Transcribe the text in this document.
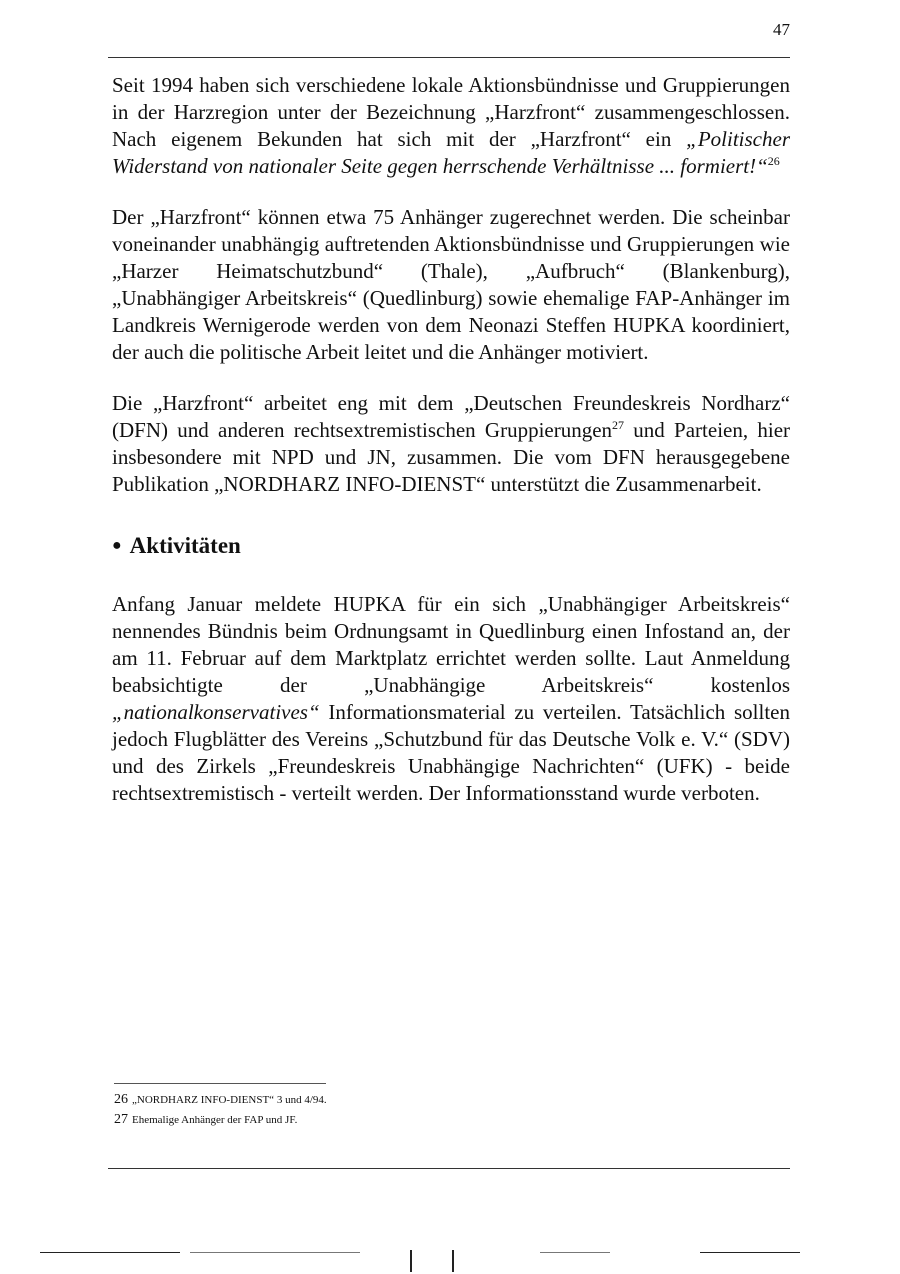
47

Seit 1994 haben sich verschiedene lokale Aktionsbündnisse und Gruppierungen in der Harzregion unter der Bezeichnung „Harzfront“ zusammengeschlossen. Nach eigenem Bekunden hat sich mit der „Harzfront“ ein „Politischer Widerstand von nationaler Seite gegen herrschende Verhältnisse ... formiert!“$^{26}$

Der „Harzfront“ können etwa 75 Anhänger zugerechnet werden. Die scheinbar voneinander unabhängig auftretenden Aktionsbündnisse und Gruppierungen wie „Harzer Heimatschutzbund“ (Thale), „Aufbruch“ (Blankenburg), „Unabhängiger Arbeitskreis“ (Quedlinburg) sowie ehemalige FAP-Anhänger im Landkreis Wernigerode werden von dem Neonazi Steffen HUPKA koordiniert, der auch die politische Arbeit leitet und die Anhänger motiviert.

Die „Harzfront“ arbeitet eng mit dem „Deutschen Freundeskreis Nordharz“ (DFN) und anderen rechtsextremistischen Gruppierungen$^{27}$ und Parteien, hier insbesondere mit NPD und JN, zusammen. Die vom DFN herausgegebene Publikation „NORDHARZ INFO-DIENST“ unterstützt die Zusammenarbeit.

● Aktivitäten

Anfang Januar meldete HUPKA für ein sich „Unabhängiger Arbeitskreis“ nennendes Bündnis beim Ordnungsamt in Quedlinburg einen Infostand an, der am 11. Februar auf dem Marktplatz errichtet werden sollte. Laut Anmeldung beabsichtigte der „Unabhängige Arbeitskreis“ kostenlos „nationalkonservatives“ Informationsmaterial zu verteilen. Tatsächlich sollten jedoch Flugblätter des Vereins „Schutzbund für das Deutsche Volk e. V.“ (SDV) und des Zirkels „Freundeskreis Unabhängige Nachrichten“ (UFK) - beide rechtsextremistisch - verteilt werden. Der Informationsstand wurde verboten.

26 „NORDHARZ INFO-DIENST“ 3 und 4/94.
27 Ehemalige Anhänger der FAP und JF.
